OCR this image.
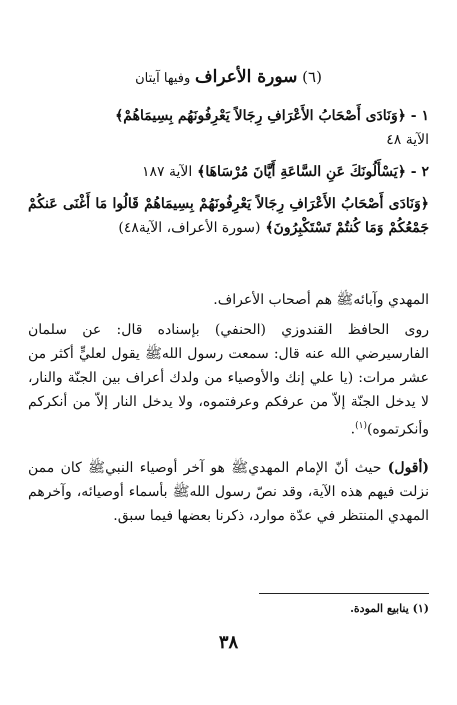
(٦) سورة الأعراف وفيها آيتان
١ - ﴿وَنَادَى أَصْحَابُ الأَعْرَافِ رِجَالاً يَعْرِفُونَهُم بِسِيمَاهُمْ﴾
الآية ٤٨
٢ - ﴿يَسْأَلُونَكَ عَنِ السَّاعَةِ أَيَّانَ مُرْسَاهَا﴾ الآية ١٨٧
﴿وَنَادَى أَصْحَابُ الأَعْرَافِ رِجَالاً يَعْرِفُونَهُمْ بِسِيمَاهُمْ قَالُوا مَا أَغْنَى عَنكُمْ جَمْعُكُمْ وَمَا كُنتُمْ تَسْتَكْبِرُونَ﴾ (سورة الأعراف، الآية٤٨)
المهدي وآبائهﷺ هم أصحاب الأعراف.
روى الحافظ القندوزي (الحنفي) بإسناده قال: عن سلمان الفارسيرضي الله عنه قال: سمعت رسول اللهﷺ يقول لعليٍّ أكثر من عشر مرات: (يا علي إنك والأوصياء من ولدك أعراف بين الجنّة والنار، لا يدخل الجنّة إلاّ من عرفكم وعرفتموه، ولا يدخل النار إلاّ من أنكركم وأنكرتموه)$^{(١)}$.
(أقول) حيث أنّ الإمام المهديﷺ هو آخر أوصياء النبيﷺ كان ممن نزلت فيهم هذه الآية، وقد نصّ رسول اللهﷺ بأسماء أوصيائه، وآخرهم المهدي المنتظر في عدّة موارد، ذكرنا بعضها فيما سبق.
(١) ينابيع المودة.
٣٨
